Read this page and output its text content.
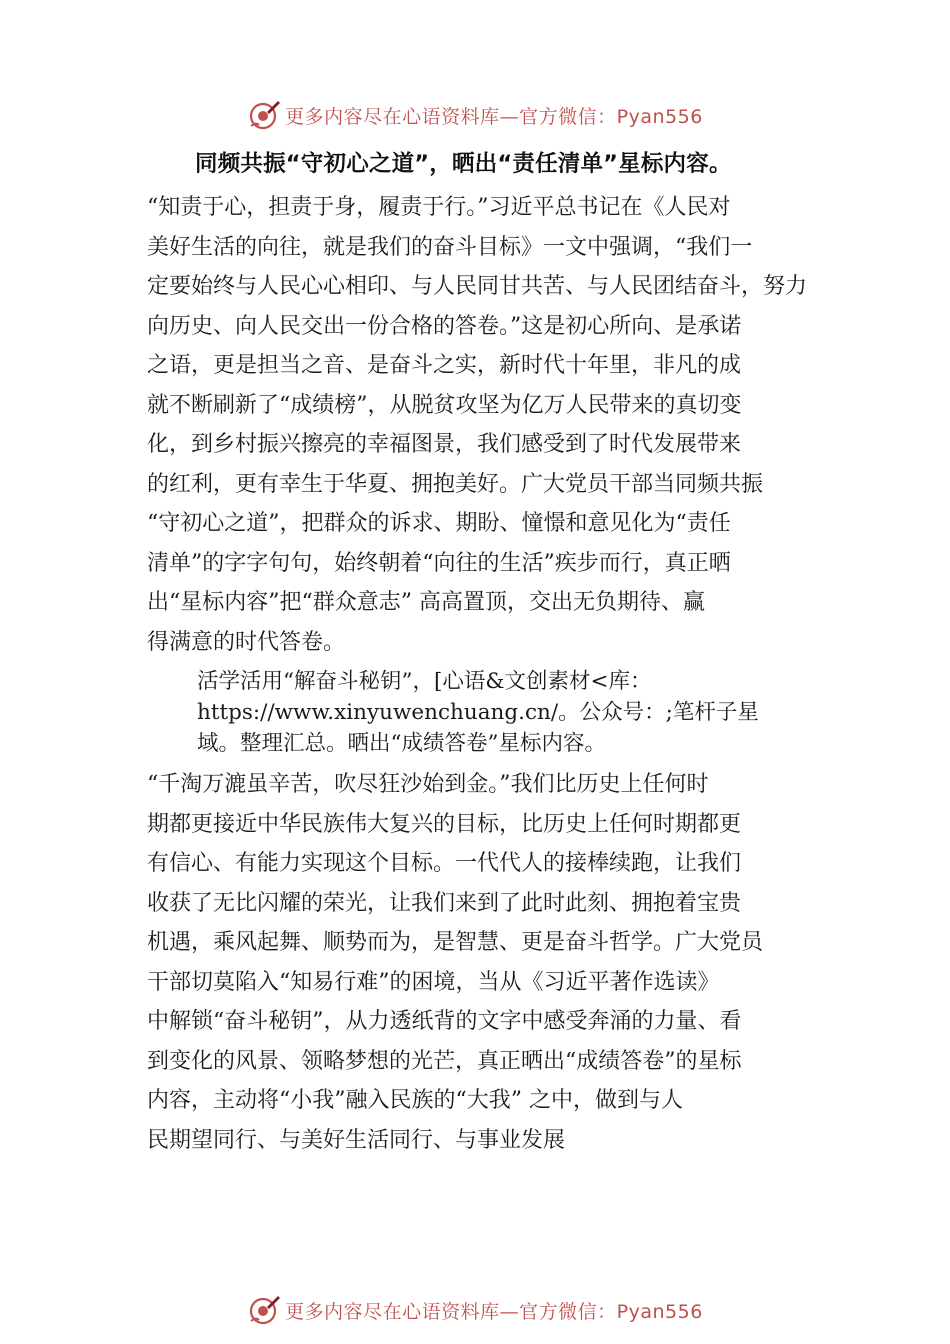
更多内容尽在心语资料库—官方微信：Pyan556
同频共振“守初心之道”，晒出“责任清单”星标内容。
“知责于心，担责于身，履责于行。”习近平总书记在《人民对
美好生活的向往，就是我们的奋斗目标》一文中强调，“我们一
定要始终与人民心心相印、与人民同甘共苦、与人民团结奋斗，努力
向历史、向人民交出一份合格的答卷。”这是初心所向、是承诺
之语，更是担当之音、是奋斗之实，新时代十年里，非凡的成
就不断刷新了“成绩榜”，从脱贫攻坚为亿万人民带来的真切变
化，到乡村振兴擦亮的幸福图景，我们感受到了时代发展带来
的红利，更有幸生于华夏、拥抱美好。广大党员干部当同频共振
“守初心之道”，把群众的诉求、期盼、憧憬和意见化为“责任
清单”的字字句句，始终朝着“向往的生活”疾步而行，真正晒
出“星标内容”把“群众意志” 高高置顶，交出无负期待、赢
得满意的时代答卷。
活学活用“解奋斗秘钥”，[心语&文创素材<库：
https://www.xinyuwenchuang.cn/。公众号：;笔杆子星
域。整理汇总。晒出“成绩答卷”星标内容。
“千淘万漉虽辛苦，吹尽狂沙始到金。”我们比历史上任何时
期都更接近中华民族伟大复兴的目标，比历史上任何时期都更
有信心、有能力实现这个目标。一代代人的接棒续跑，让我们
收获了无比闪耀的荣光，让我们来到了此时此刻、拥抱着宝贵
机遇，乘风起舞、顺势而为，是智慧、更是奋斗哲学。广大党员
干部切莫陷入“知易行难”的困境，当从《习近平著作选读》
中解锁“奋斗秘钥”，从力透纸背的文字中感受奔涌的力量、看
到变化的风景、领略梦想的光芒，真正晒出“成绩答卷”的星标
内容，主动将“小我”融入民族的“大我” 之中，做到与人
民期望同行、与美好生活同行、与事业发展
更多内容尽在心语资料库—官方微信：Pyan556
